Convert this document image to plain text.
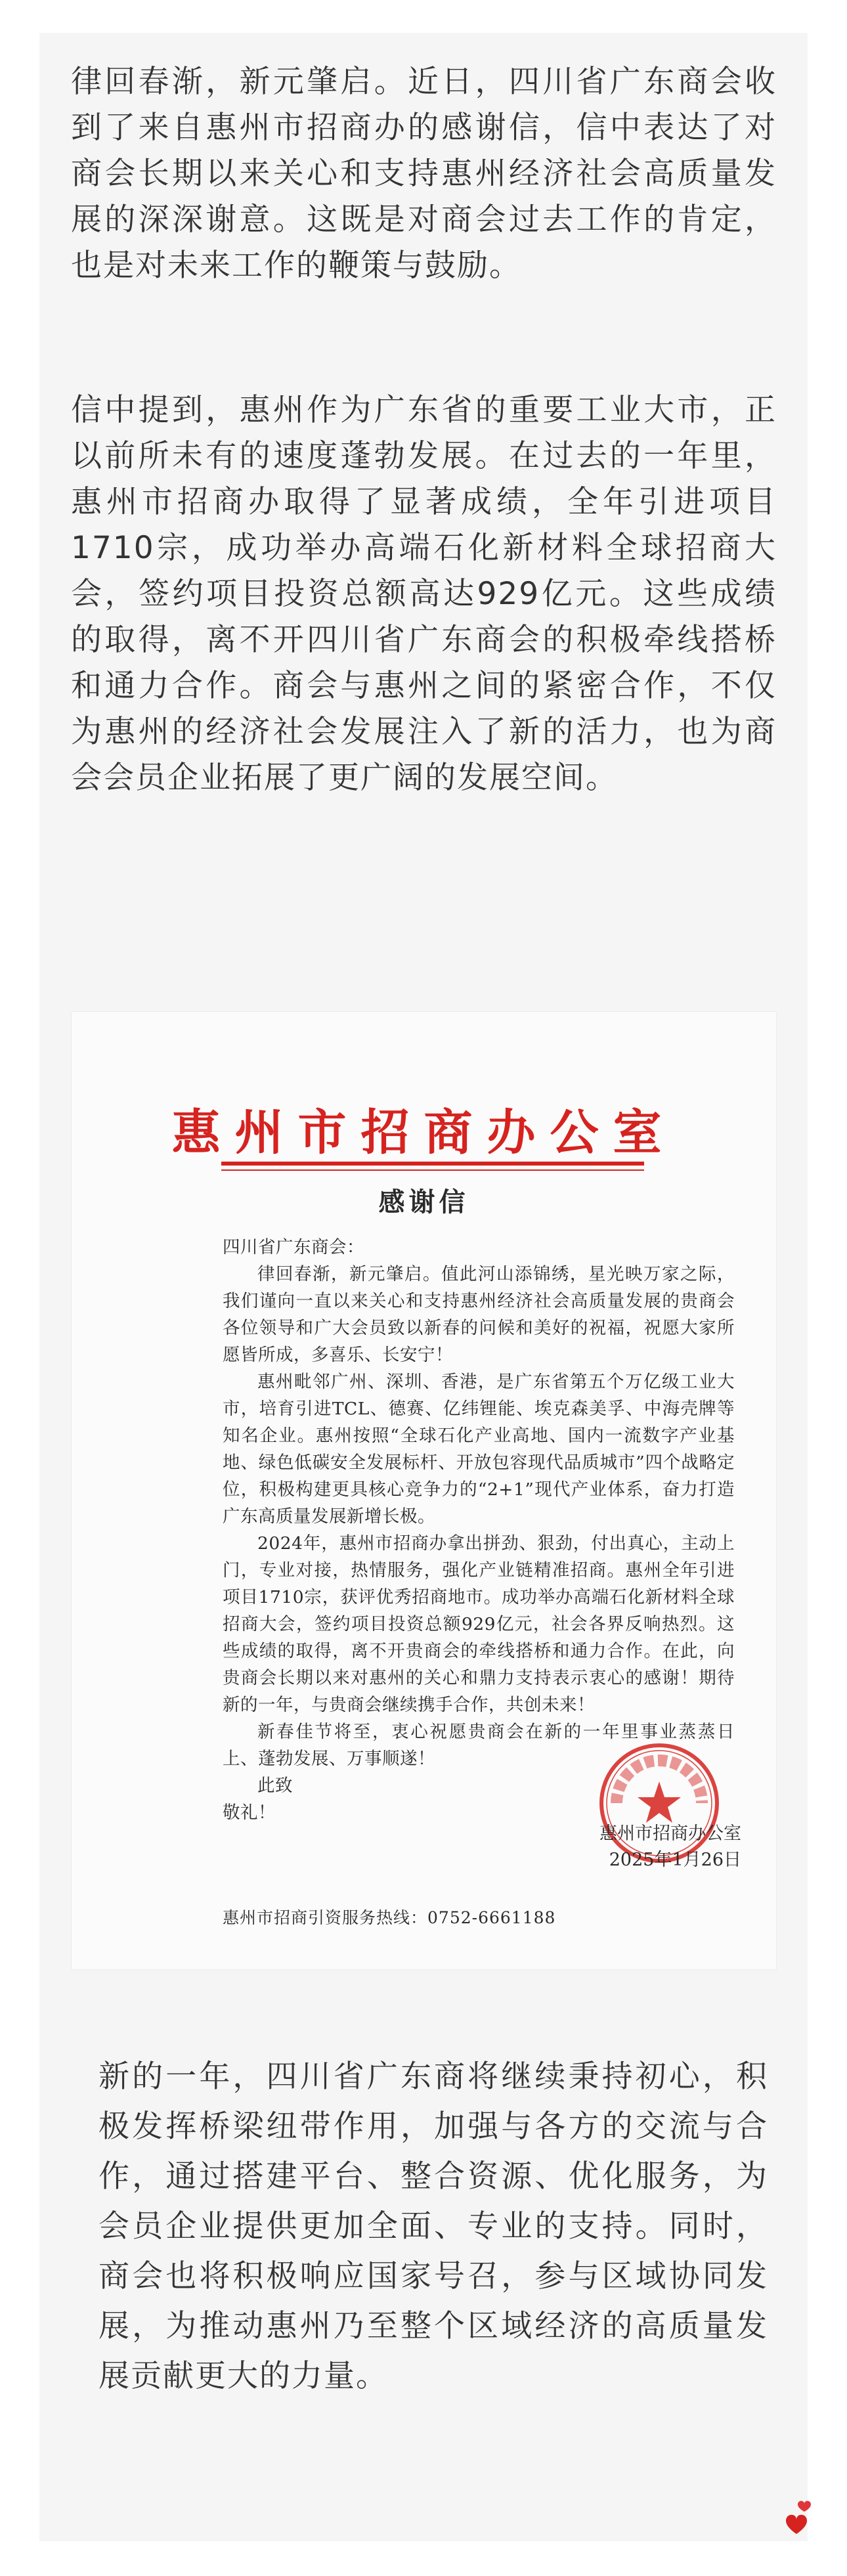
律回春渐，新元肇启。近日，四川省广东商会收到了来自惠州市招商办的感谢信，信中表达了对商会长期以来关心和支持惠州经济社会高质量发展的深深谢意。这既是对商会过去工作的肯定，也是对未来工作的鞭策与鼓励。

信中提到，惠州作为广东省的重要工业大市，正以前所未有的速度蓬勃发展。在过去的一年里，惠州市招商办取得了显著成绩，全年引进项目1710宗，成功举办高端石化新材料全球招商大会，签约项目投资总额高达929亿元。这些成绩的取得，离不开四川省广东商会的积极牵线搭桥和通力合作。商会与惠州之间的紧密合作，不仅为惠州的经济社会发展注入了新的活力，也为商会会员企业拓展了更广阔的发展空间。

惠州市招商办公室
感谢信

四川省广东商会：

律回春渐，新元肇启。值此河山添锦绣，星光映万家之际，我们谨向一直以来关心和支持惠州经济社会高质量发展的贵商会各位领导和广大会员致以新春的问候和美好的祝福，祝愿大家所愿皆所成，多喜乐、长安宁！

惠州毗邻广州、深圳、香港，是广东省第五个万亿级工业大市，培育引进TCL、德赛、亿纬锂能、埃克森美孚、中海壳牌等知名企业。惠州按照“全球石化产业高地、国内一流数字产业基地、绿色低碳安全发展标杆、开放包容现代品质城市”四个战略定位，积极构建更具核心竞争力的“2+1”现代产业体系，奋力打造广东高质量发展新增长极。

2024年，惠州市招商办拿出拼劲、狠劲，付出真心，主动上门，专业对接，热情服务，强化产业链精准招商。惠州全年引进项目1710宗，获评优秀招商地市。成功举办高端石化新材料全球招商大会，签约项目投资总额929亿元，社会各界反响热烈。这些成绩的取得，离不开贵商会的牵线搭桥和通力合作。在此，向贵商会长期以来对惠州的关心和鼎力支持表示衷心的感谢！期待新的一年，与贵商会继续携手合作，共创未来！

新春佳节将至，衷心祝愿贵商会在新的一年里事业蒸蒸日上、蓬勃发展、万事顺遂！

此致

敬礼！

惠州市招商办公室
2025年1月26日
惠州市招商引资服务热线：0752-6661188

新的一年，四川省广东商将继续秉持初心，积极发挥桥梁纽带作用，加强与各方的交流与合作，通过搭建平台、整合资源、优化服务，为会员企业提供更加全面、专业的支持。同时，商会也将积极响应国家号召，参与区域协同发展，为推动惠州乃至整个区域经济的高质量发展贡献更大的力量。
